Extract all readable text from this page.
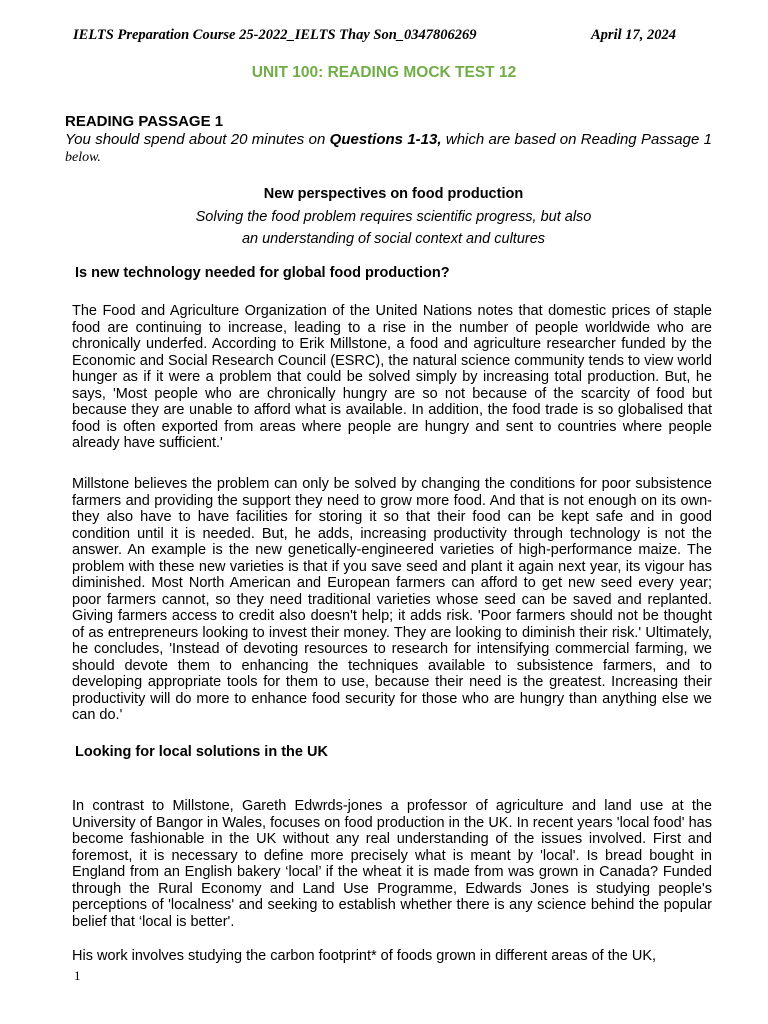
IELTS Preparation Course 25-2022_IELTS Thay Son_0347806269	April 17, 2024
UNIT 100: READING MOCK TEST 12
READING PASSAGE 1
You should spend about 20 minutes on Questions 1-13, which are based on Reading Passage 1 below.
New perspectives on food production
Solving the food problem requires scientific progress, but also
an understanding of social context and cultures
Is new technology needed for global food production?
The Food and Agriculture Organization of the United Nations notes that domestic prices of staple food are continuing to increase, leading to a rise in the number of people worldwide who are chronically underfed. According to Erik Millstone, a food and agriculture researcher funded by the Economic and Social Research Council (ESRC), the natural science community tends to view world hunger as if it were a problem that could be solved simply by increasing total production. But, he says, 'Most people who are chronically hungry are so not because of the scarcity of food but because they are unable to afford what is available. In addition, the food trade is so globalised that food is often exported from areas where people are hungry and sent to countries where people already have sufficient.'
Millstone believes the problem can only be solved by changing the conditions for poor subsistence farmers and providing the support they need to grow more food. And that is not enough on its own-they also have to have facilities for storing it so that their food can be kept safe and in good condition until it is needed. But, he adds, increasing productivity through technology is not the answer. An example is the new genetically-engineered varieties of high-performance maize. The problem with these new varieties is that if you save seed and plant it again next year, its vigour has diminished. Most North American and European farmers can afford to get new seed every year; poor farmers cannot, so they need traditional varieties whose seed can be saved and replanted. Giving farmers access to credit also doesn't help; it adds risk. 'Poor farmers should not be thought of as entrepreneurs looking to invest their money. They are looking to diminish their risk.' Ultimately, he concludes, 'Instead of devoting resources to research for intensifying commercial farming, we should devote them to enhancing the techniques available to subsistence farmers, and to developing appropriate tools for them to use, because their need is the greatest. Increasing their productivity will do more to enhance food security for those who are hungry than anything else we can do.'
Looking for local solutions in the UK
In contrast to Millstone, Gareth Edwrds-jones a professor of agriculture and land use at the University of Bangor in Wales, focuses on food production in the UK. In recent years 'local food' has become fashionable in the UK without any real understanding of the issues involved. First and foremost, it is necessary to define more precisely what is meant by 'local'. Is bread bought in England from an English bakery ‘local’ if the wheat it is made from was grown in Canada? Funded through the Rural Economy and Land Use Programme, Edwards Jones is studying people's perceptions of 'localness' and seeking to establish whether there is any science behind the popular belief that ‘local is better'.
His work involves studying the carbon footprint* of foods grown in different areas of the UK,
1
